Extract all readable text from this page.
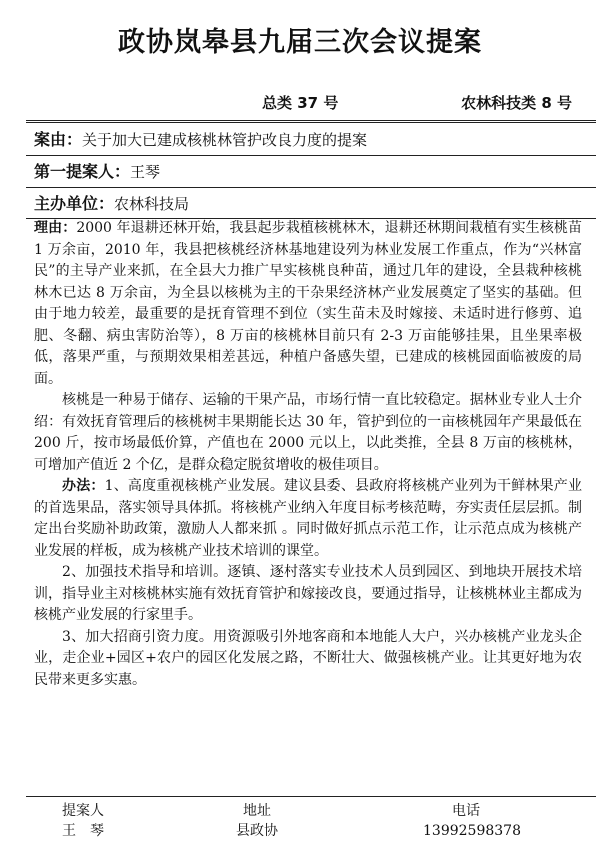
政协岚皋县九届三次会议提案
总类 37 号	农林科技类 8 号
案由：关于加大已建成核桃林管护改良力度的提案
第一提案人：王琴
主办单位：农林科技局

理由：2000 年退耕还林开始，我县起步栽植核桃林木，退耕还林期间栽植有实生核桃苗 1 万余亩，2010 年，我县把核桃经济林基地建设列为林业发展工作重点，作为“兴林富民”的主导产业来抓，在全县大力推广早实核桃良种苗，通过几年的建设，全县栽种核桃林木已达 8 万余亩，为全县以核桃为主的干杂果经济林产业发展奠定了坚实的基础。但由于地力较差，最重要的是抚育管理不到位（实生苗未及时嫁接、未适时进行修剪、追肥、冬翻、病虫害防治等），8 万亩的核桃林目前只有 2-3 万亩能够挂果，且坐果率极低，落果严重，与预期效果相差甚远，种植户备感失望，已建成的核桃园面临被废的局面。

核桃是一种易于储存、运输的干果产品，市场行情一直比较稳定。据林业专业人士介绍：有效抚育管理后的核桃树丰果期能长达 30 年，管护到位的一亩核桃园年产果最低在 200 斤，按市场最低价算，产值也在 2000 元以上，以此类推，全县 8 万亩的核桃林，可增加产值近 2 个亿，是群众稳定脱贫增收的极佳项目。

办法：1、高度重视核桃产业发展。建议县委、县政府将核桃产业列为干鲜林果产业的首选果品，落实领导具体抓。将核桃产业纳入年度目标考核范畴，夯实责任层层抓。制定出台奖励补助政策，激励人人都来抓 。同时做好抓点示范工作，让示范点成为核桃产业发展的样板，成为核桃产业技术培训的课堂。

2、加强技术指导和培训。逐镇、逐村落实专业技术人员到园区、到地块开展技术培训，指导业主对核桃林实施有效抚育管护和嫁接改良，要通过指导，让核桃林业主都成为核桃产业发展的行家里手。

3、加大招商引资力度。用资源吸引外地客商和本地能人大户，兴办核桃产业龙头企业，走企业+园区+农户的园区化发展之路，不断壮大、做强核桃产业。让其更好地为农民带来更多实惠。

提案人	地址	电话
王　琴	县政协	13992598378
